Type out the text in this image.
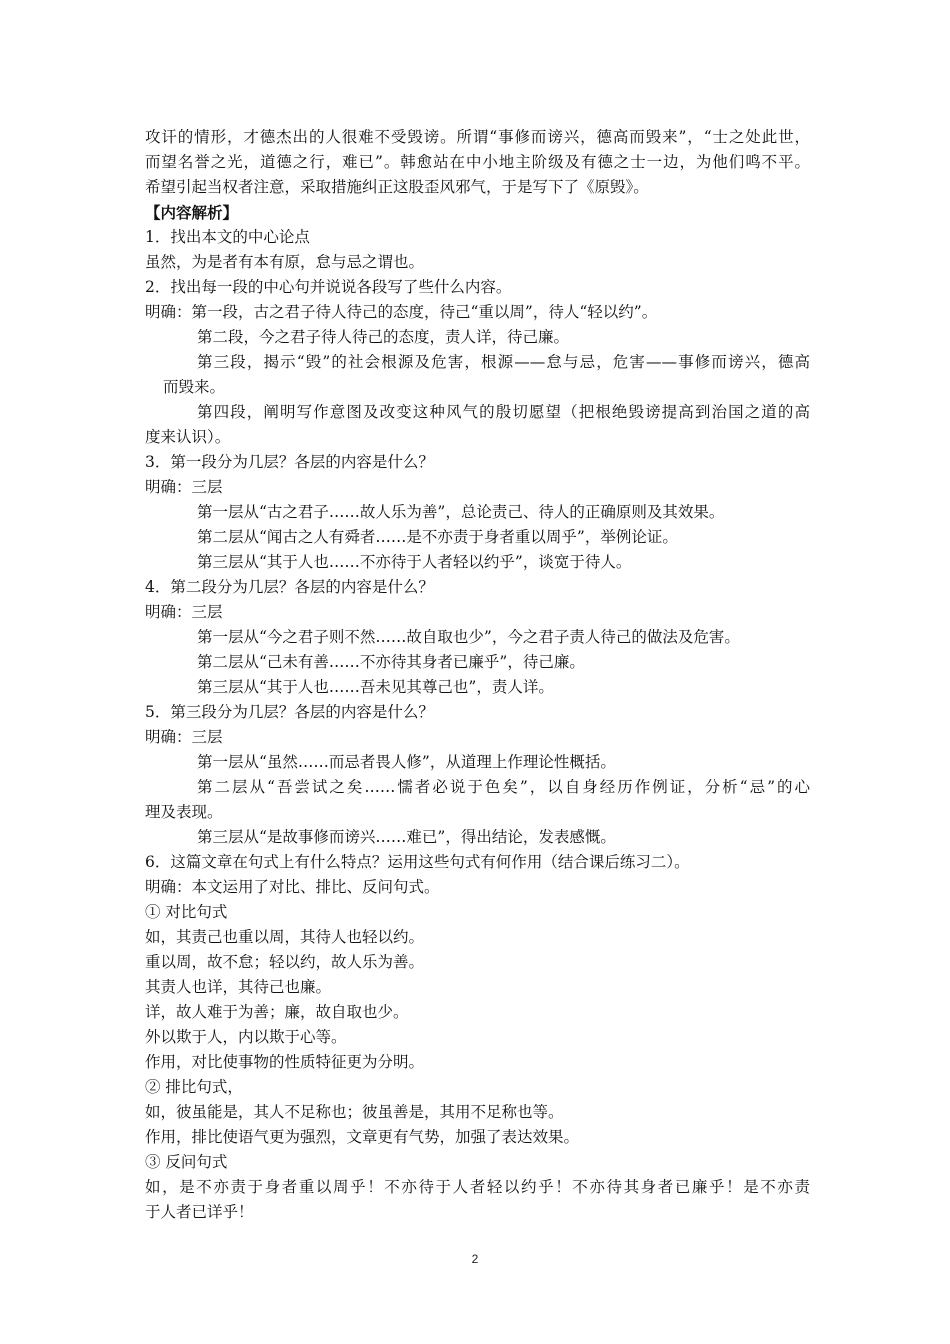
攻讦的情形，才德杰出的人很难不受毁谤。所谓“事修而谤兴，德高而毁来”，“士之处此世，
而望名誉之光，道德之行，难已”。韩愈站在中小地主阶级及有德之士一边，为他们鸣不平。
希望引起当权者注意，采取措施纠正这股歪风邪气，于是写下了《原毁》。
【内容解析】
1．找出本文的中心论点
虽然，为是者有本有原，怠与忌之谓也。
2．找出每一段的中心句并说说各段写了些什么内容。
明确：第一段，古之君子待人待己的态度，待己“重以周”，待人“轻以约”。
第二段，今之君子待人待己的态度，责人详，待己廉。
第三段，揭示“毁”的社会根源及危害，根源——怠与忌，危害——事修而谤兴，德高
而毁来。
第四段，阐明写作意图及改变这种风气的殷切愿望（把根绝毁谤提高到治国之道的高
度来认识）。
3．第一段分为几层？各层的内容是什么？
明确：三层
第一层从“古之君子……故人乐为善”，总论责己、待人的正确原则及其效果。
第二层从“闻古之人有舜者……是不亦责于身者重以周乎”，举例论证。
第三层从“其于人也……不亦待于人者轻以约乎”，谈宽于待人。
4．第二段分为几层？各层的内容是什么？
明确：三层
第一层从“今之君子则不然……故自取也少”，今之君子责人待己的做法及危害。
第二层从“己未有善……不亦待其身者已廉乎”，待己廉。
第三层从“其于人也……吾未见其尊己也”，责人详。
5．第三段分为几层？各层的内容是什么？
明确：三层
第一层从“虽然……而忌者畏人修”，从道理上作理论性概括。
第二层从“吾尝试之矣……懦者必说于色矣”，以自身经历作例证，分析“忌”的心
理及表现。
第三层从“是故事修而谤兴……难已”，得出结论，发表感慨。
6．这篇文章在句式上有什么特点？运用这些句式有何作用（结合课后练习二）。
明确：本文运用了对比、排比、反问句式。
① 对比句式
如，其责己也重以周，其待人也轻以约。
重以周，故不怠；轻以约，故人乐为善。
其责人也详，其待己也廉。
详，故人难于为善；廉，故自取也少。
外以欺于人，内以欺于心等。
作用，对比使事物的性质特征更为分明。
② 排比句式，
如，彼虽能是，其人不足称也；彼虽善是，其用不足称也等。
作用，排比使语气更为强烈，文章更有气势，加强了表达效果。
③ 反问句式
如，是不亦责于身者重以周乎！不亦待于人者轻以约乎！不亦待其身者已廉乎！是不亦责
于人者已详乎！
2
